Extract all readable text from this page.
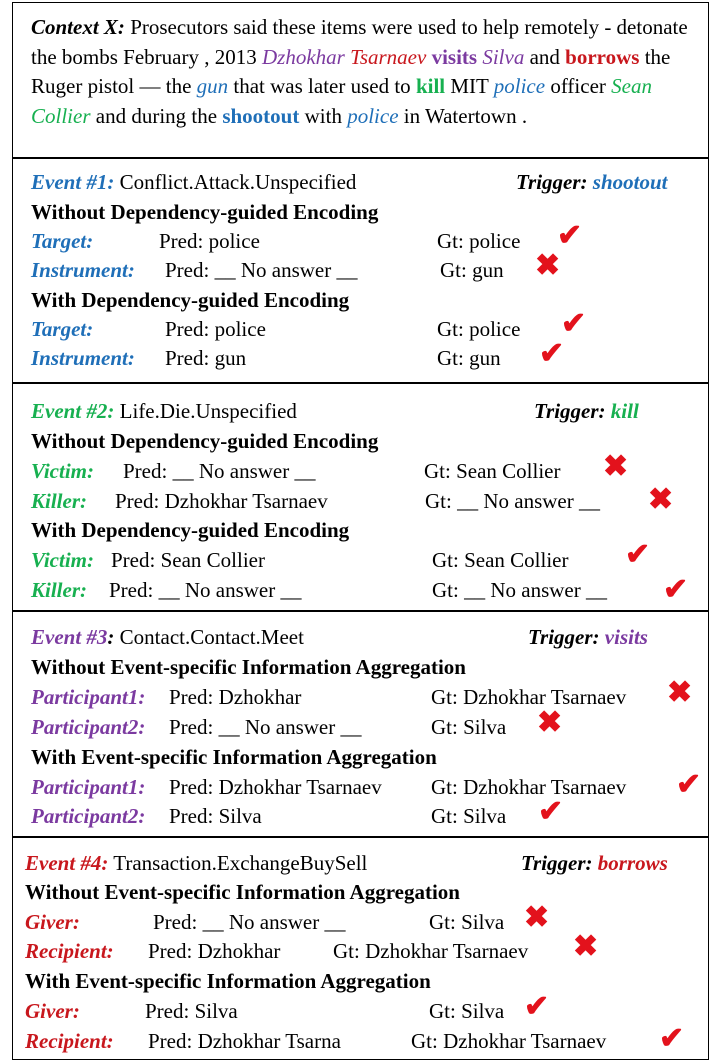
Context X: Prosecutors said these items were used to help remotely - detonate the bombs February , 2013 Dzhokhar Tsarnaev visits Silva and borrows the Ruger pistol — the gun that was later used to kill MIT police officer Sean Collier and during the shootout with police in Watertown .
Event #1: Conflict.Attack.Unspecified	Trigger: shootout
Without Dependency-guided Encoding
Target:	Pred: police	Gt: police ✔
Instrument: Pred: __ No answer __	Gt: gun ✖
With Dependency-guided Encoding
Target:	Pred: police	Gt: police ✔
Instrument: Pred: gun	Gt: gun ✔
Event #2: Life.Die.Unspecified	Trigger: kill
Without Dependency-guided Encoding
Victim: Pred: __ No answer __	Gt: Sean Collier ✖
Killer: Pred: Dzhokhar Tsarnaev	Gt: __ No answer __ ✖
With Dependency-guided Encoding
Victim: Pred: Sean Collier	Gt: Sean Collier ✔
Killer: Pred: __ No answer __	Gt: __ No answer __ ✔
Event #3: Contact.Contact.Meet	Trigger: visits
Without Event-specific Information Aggregation
Participant1: Pred: Dzhokhar	Gt: Dzhokhar Tsarnaev ✖
Participant2: Pred: __ No answer __	Gt: Silva ✖
With Event-specific Information Aggregation
Participant1: Pred: Dzhokhar Tsarnaev Gt: Dzhokhar Tsarnaev ✔
Participant2: Pred: Silva	Gt: Silva ✔
Event #4: Transaction.ExchangeBuySell	Trigger: borrows
Without Event-specific Information Aggregation
Giver:	Pred: __ No answer __	Gt: Silva ✖
Recipient: Pred: Dzhokhar	Gt: Dzhokhar Tsarnaev ✖
With Event-specific Information Aggregation
Giver:	Pred: Silva	Gt: Silva ✔
Recipient: Pred: Dzhokhar Tsarna	Gt: Dzhokhar Tsarnaev ✔
